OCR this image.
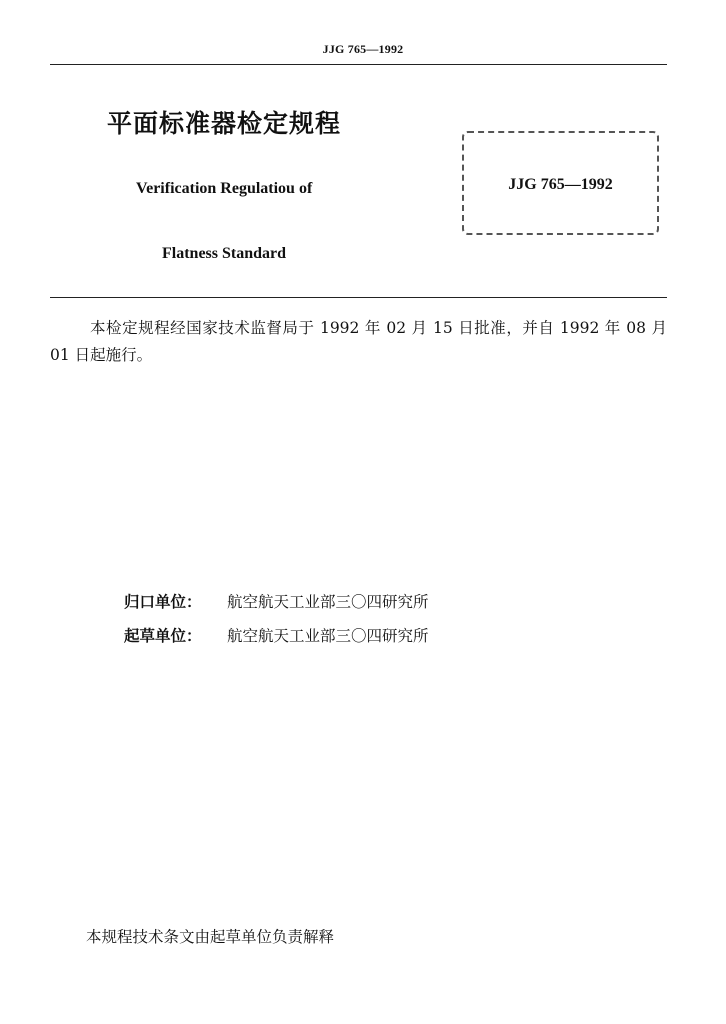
JJG 765—1992
平面标准器检定规程
Verification Regulatiou of
Flatness Standard
JJG 765—1992
本检定规程经国家技术监督局于 1992 年 02 月 15 日批准，并自 1992 年 08 月 01 日起施行。
归口单位： 航空航天工业部三〇四研究所
起草单位： 航空航天工业部三〇四研究所
本规程技术条文由起草单位负责解释
